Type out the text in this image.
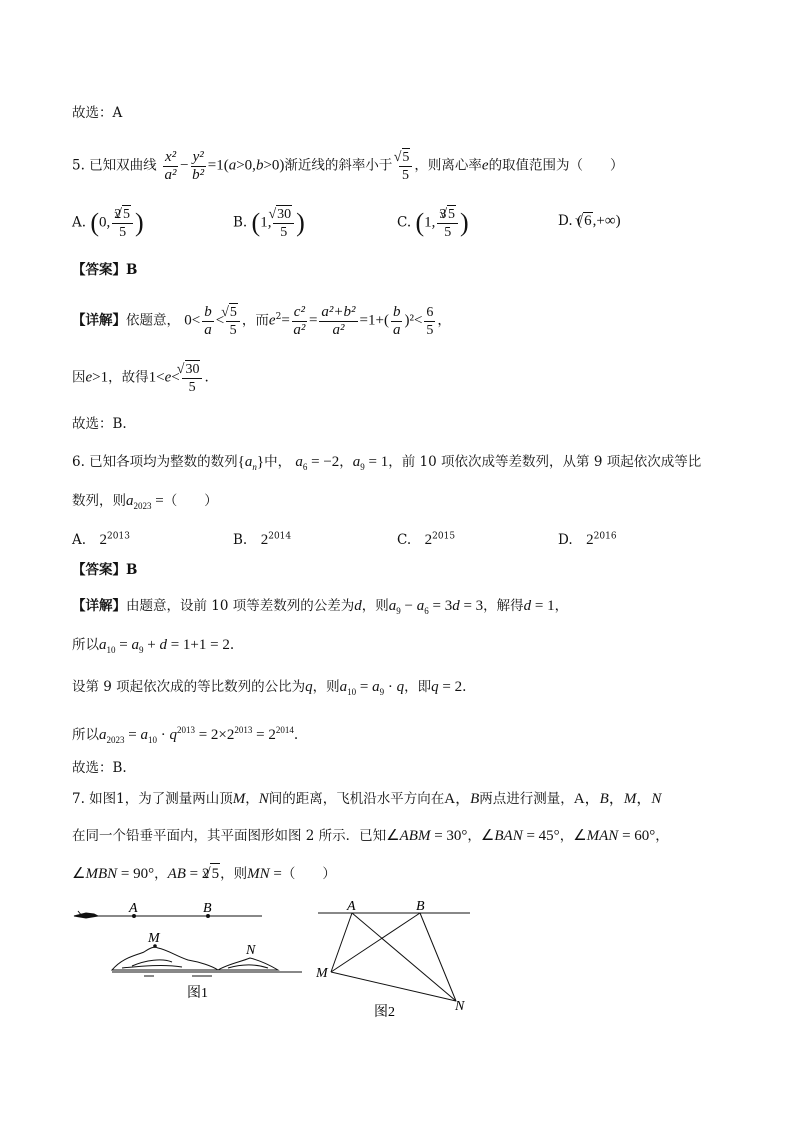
故选：A
5. 已知双曲线 $\frac{\text{x²}}{\text{a²}} - \frac{\text{y²}}{\text{b²}} =1(a>0,b>0)$渐近线的斜率小于 √ $\frac{5}{5}$ ，则离心率e的取值范围为（　　）
A. (0, $\frac{2 √ 5}{5}$ )	B. (1, √ $\frac{30}{5}$ )	C. (1, $\frac{3 √ 5}{5}$ )	D. ( √ 6,+∞)
【答案】B
【详解】依题意， $0< \frac{b}{a}$ < √ $\frac{5}{5}$ ，而$e^2= \frac{\text{c²}}{\text{a²}} = \frac{\text{a²+b²}}{\text{a²}} =1+( \frac{b}{a} )^2< \frac{6}{5}$ ，
因e>1，故得1<e< √ $\frac{30}{5}$ .
故选：B.
6. 已知各项均为整数的数列$\{a_n\}$中， $a_6 = -2$，$a_9 = 1$，前 10 项依次成等差数列，从第 9 项起依次成等比
数列，则$a_{2023}$ =（　　）
A.　 $2^{2013}$	B.　 $2^{2014}$	C.　 $2^{2015}$	D.　 $2^{2016}$
【答案】B
【详解】由题意，设前 10 项等差数列的公差为d，则$a_9 - a_6 = 3d = 3$，解得d = 1，
所以$a_{10} = a_9 + d = 1+1 = 2$.
设第 9 项起依次成的等比数列的公比为q，则$a_{10} = a_9 \cdot q$，即q = 2.
所以$a_{2023} = a_{10} \cdot q^{2013} = 2\times 2^{2013} = 2^{2014}$.
故选：B.
7. 如图1，为了测量两山顶M，N间的距离，飞机沿水平方向在A，B两点进行测量，A，B，M，N
在同一个铅垂平面内，其平面图形如图 2 所示．已知∠ABM = 30°，∠BAN = 45°，∠MAN = 60°，
∠MBN = 90°，AB = 2 √ 5，则MN =（　　）
A	B
M
N
图1
A	B
M
N
图2
